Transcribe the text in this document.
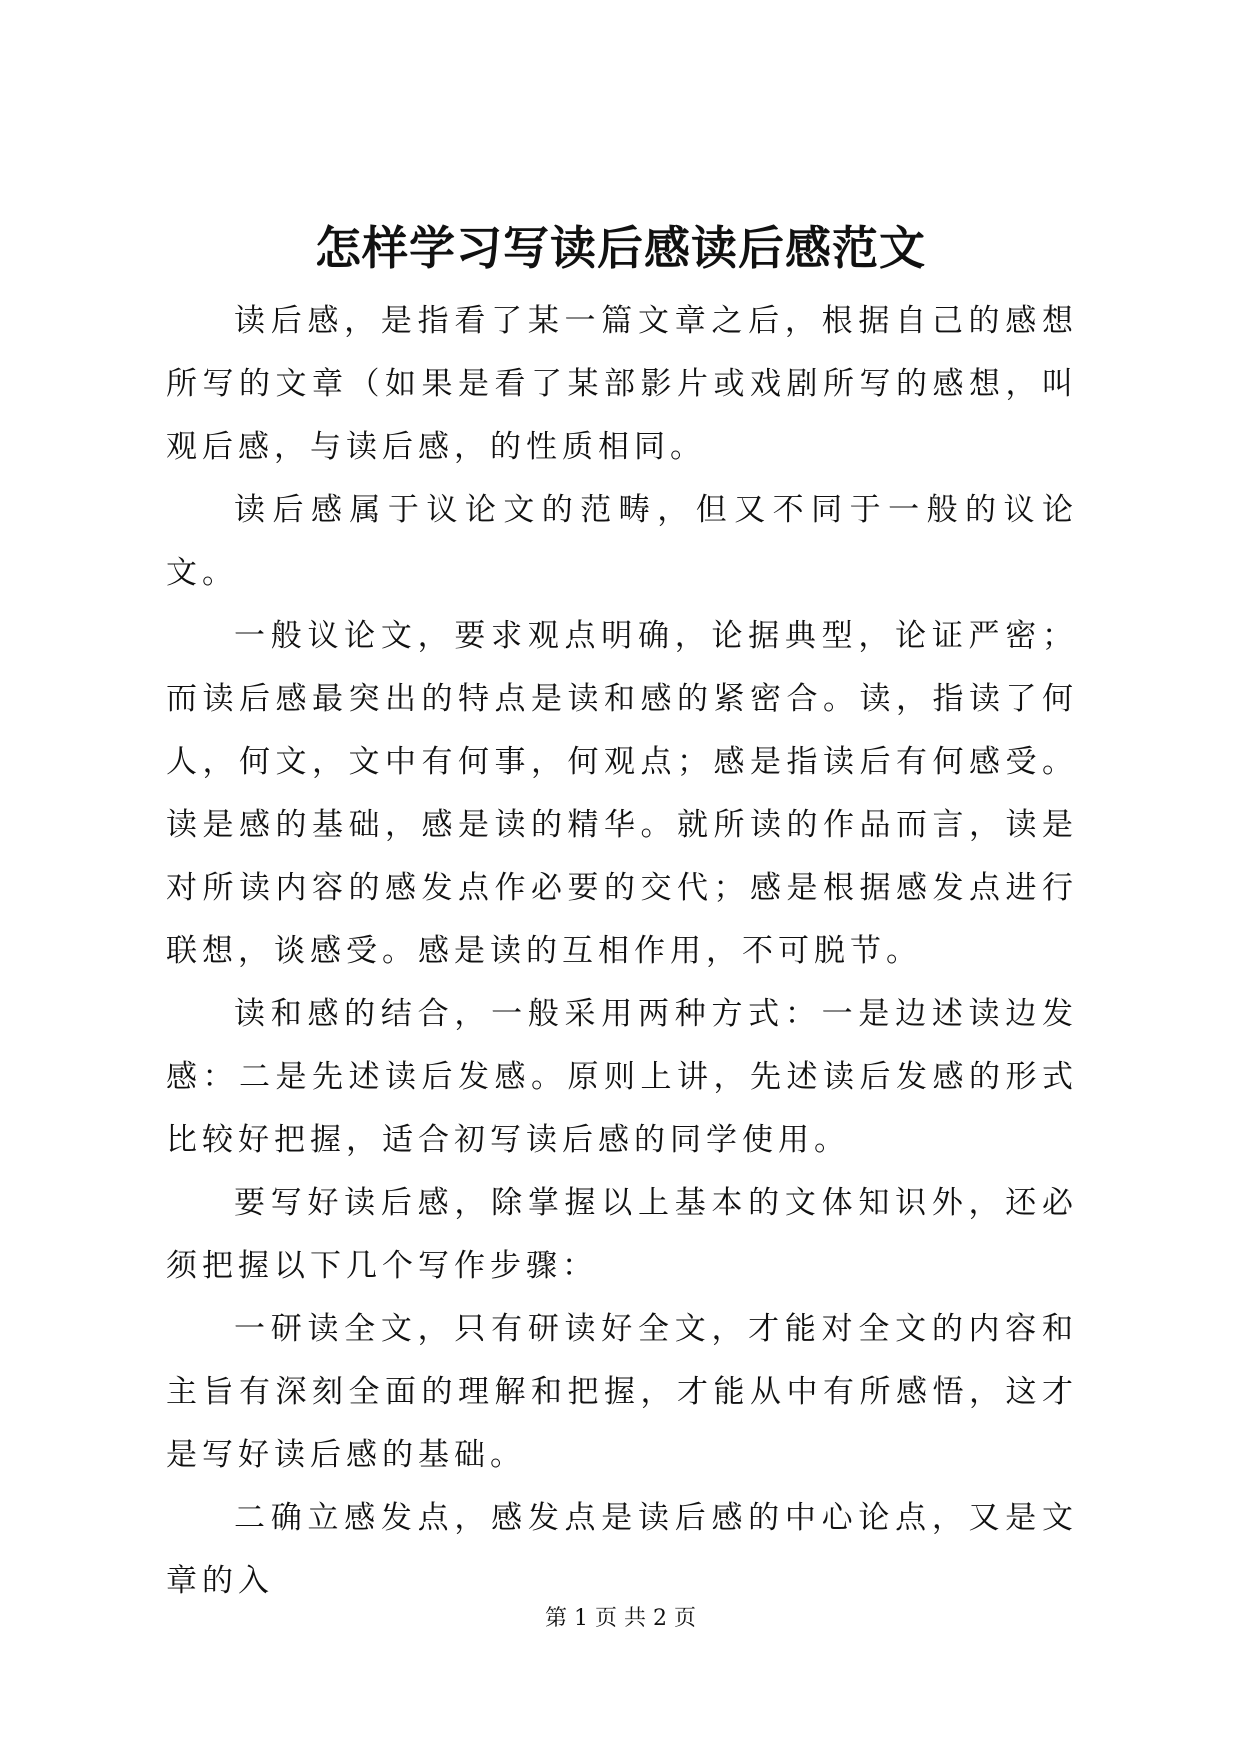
怎样学习写读后感读后感范文

读后感，是指看了某一篇文章之后，根据自己的感想所写的文章（如果是看了某部影片或戏剧所写的感想，叫观后感，与读后感，的性质相同。

读后感属于议论文的范畴，但又不同于一般的议论文。

一般议论文，要求观点明确，论据典型，论证严密；而读后感最突出的特点是读和感的紧密合。读，指读了何人，何文，文中有何事，何观点；感是指读后有何感受。读是感的基础，感是读的精华。就所读的作品而言，读是对所读内容的感发点作必要的交代；感是根据感发点进行联想，谈感受。感是读的互相作用，不可脱节。

读和感的结合，一般采用两种方式：一是边述读边发感：二是先述读后发感。原则上讲，先述读后发感的形式比较好把握，适合初写读后感的同学使用。

要写好读后感，除掌握以上基本的文体知识外，还必须把握以下几个写作步骤：

一研读全文，只有研读好全文，才能对全文的内容和主旨有深刻全面的理解和把握，才能从中有所感悟，这才是写好读后感的基础。

二确立感发点，感发点是读后感的中心论点，又是文章的入

第 1 页 共 2 页
